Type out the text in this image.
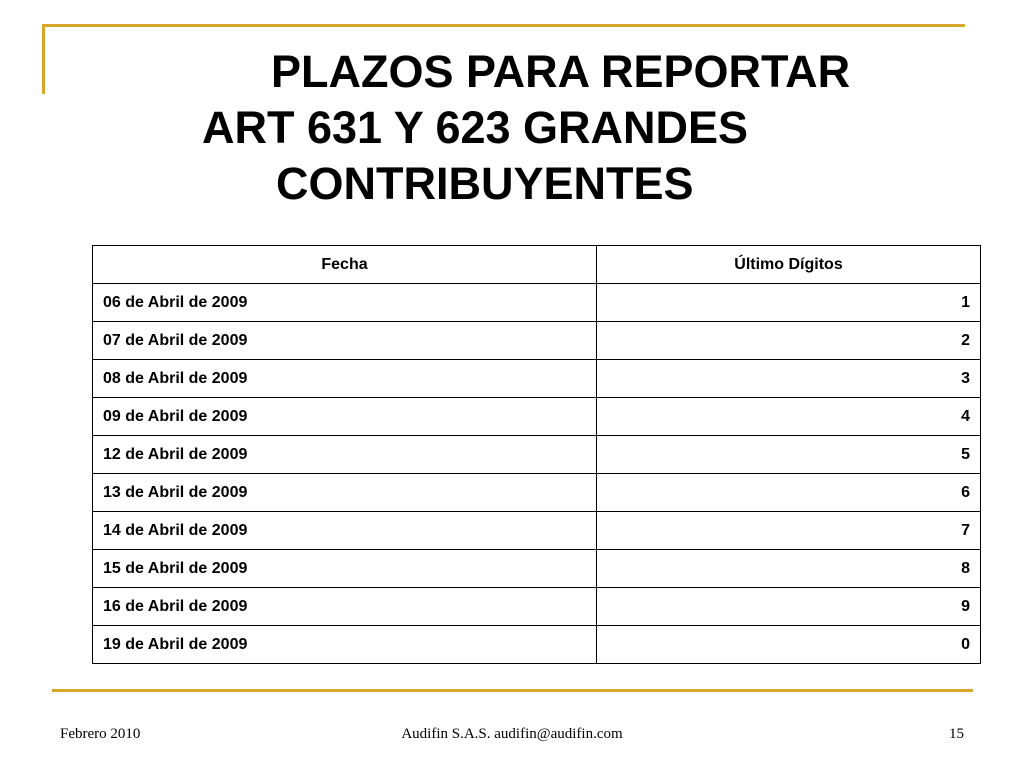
PLAZOS PARA REPORTAR
ART 631 Y 623 GRANDES
CONTRIBUYENTES
Fecha	Último Dígitos
06 de Abril de 2009	1
07 de Abril de 2009	2
08 de Abril de 2009	3
09 de Abril de 2009	4
12 de Abril de 2009	5
13 de Abril de 2009	6
14 de Abril de 2009	7
15 de Abril de 2009	8
16 de Abril de 2009	9
19 de Abril de 2009	0
Febrero 2010	Audifin S.A.S. audifin@audifin.com	15
